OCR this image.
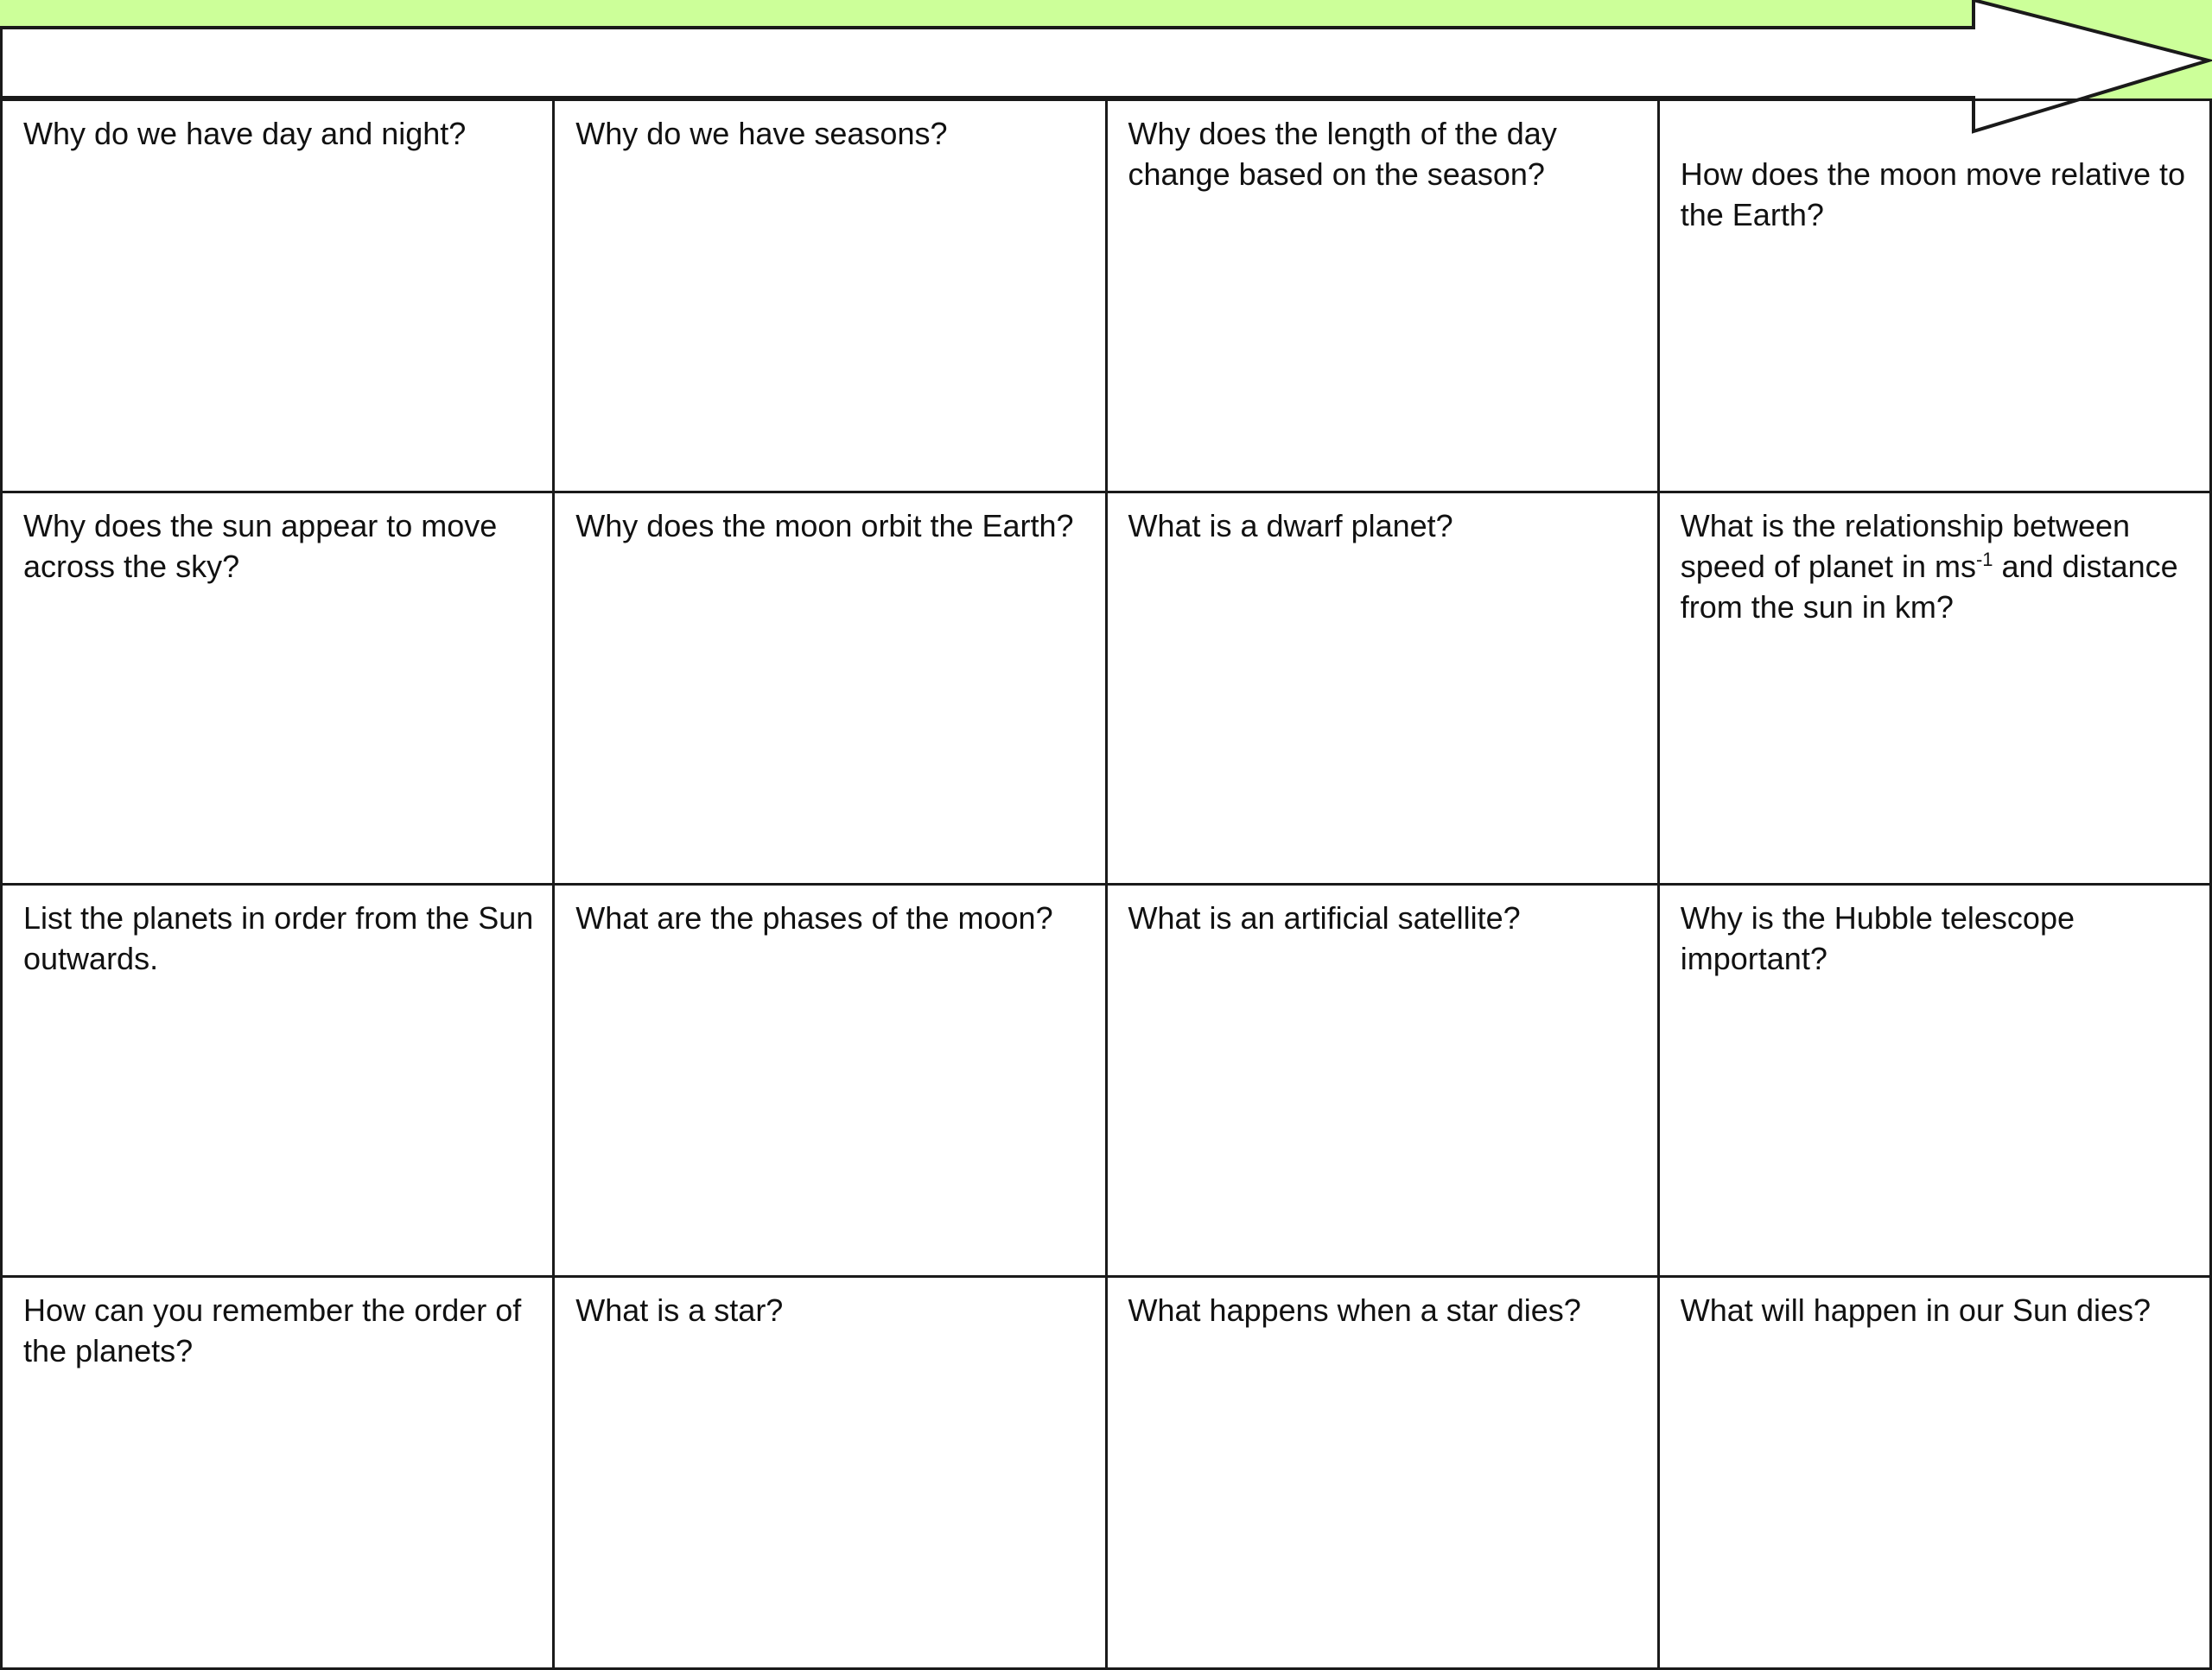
Why do we have day and night?	Why do we have seasons?	Why does the length of the day change based on the season?	How does the moon move relative to the Earth?

Why does the sun appear to move across the sky?	Why does the moon orbit the Earth?	What is a dwarf planet?	What is the relationship between speed of planet in $ms^{-1}$ and distance from the sun in km?

List the planets in order from the Sun outwards.	What are the phases of the moon?	What is an artificial satellite?	Why is the Hubble telescope important?

How can you remember the order of the planets?	What is a star?	What happens when a star dies?	What will happen in our Sun dies?
